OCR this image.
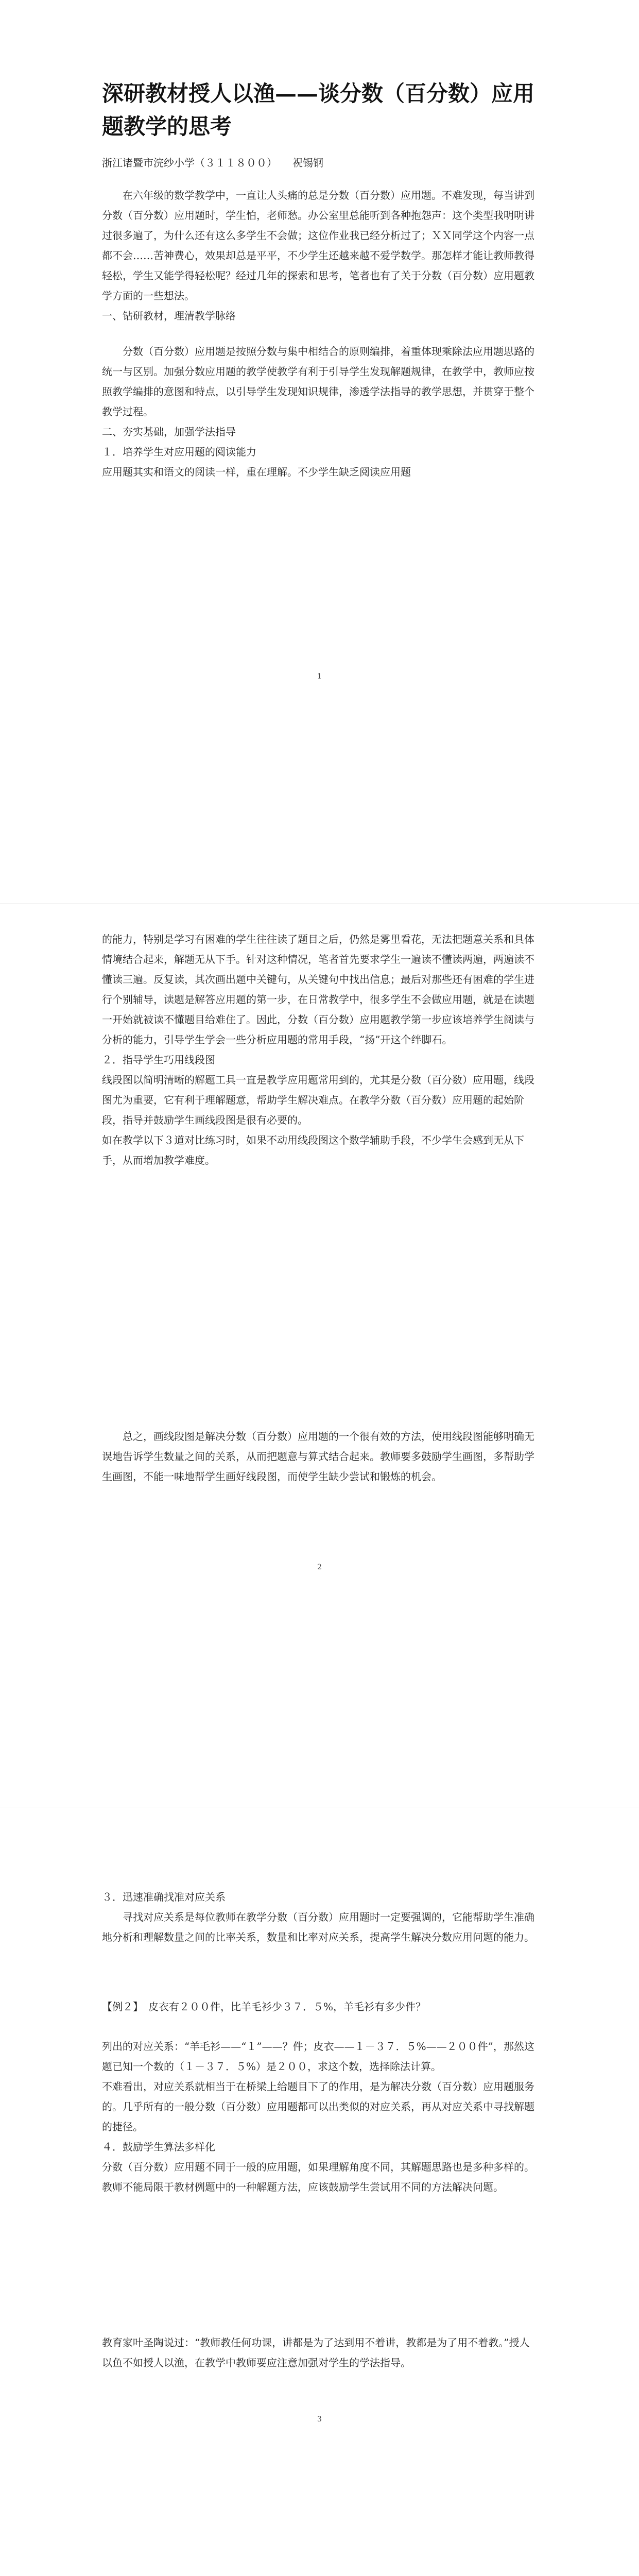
深研教材授人以渔——谈分数（百分数）应用题教学的思考
浙江诸暨市浣纱小学（３１１８００）　　祝锡钢

在六年级的数学教学中，一直让人头痛的总是分数（百分数）应用题。不难发现，每当讲到分数（百分数）应用题时，学生怕，老师愁。办公室里总能听到各种抱怨声：这个类型我明明讲过很多遍了，为什么还有这么多学生不会做；这位作业我已经分析过了；ＸＸ同学这个内容一点都不会……苦神费心，效果却总是平平，不少学生还越来越不爱学数学。那怎样才能让教师教得轻松，学生又能学得轻松呢？经过几年的探索和思考，笔者也有了关于分数（百分数）应用题教学方面的一些想法。

一、钻研教材，理清教学脉络

分数（百分数）应用题是按照分数与集中相结合的原则编排，着重体现乘除法应用题思路的统一与区别。加强分数应用题的教学使教学有利于引导学生发现解题规律，在教学中，教师应按照教学编排的意图和特点，以引导学生发现知识规律，渗透学法指导的教学思想，并贯穿于整个教学过程。

二、夯实基础，加强学法指导

１．培养学生对应用题的阅读能力

应用题其实和语文的阅读一样，重在理解。不少学生缺乏阅读应用题

1

的能力，特别是学习有困难的学生往往读了题目之后，仍然是雾里看花，无法把题意关系和具体情境结合起来，解题无从下手。针对这种情况，笔者首先要求学生一遍读不懂读两遍，两遍读不懂读三遍。反复读，其次画出题中关键句，从关键句中找出信息；最后对那些还有困难的学生进行个别辅导，读题是解答应用题的第一步，在日常教学中，很多学生不会做应用题，就是在读题一开始就被读不懂题目给难住了。因此，分数（百分数）应用题教学第一步应该培养学生阅读与分析的能力，引导学生学会一些分析应用题的常用手段，“扬”开这个绊脚石。

２．指导学生巧用线段图

线段图以简明清晰的解题工具一直是教学应用题常用到的，尤其是分数（百分数）应用题，线段图尤为重要，它有利于理解题意，帮助学生解决难点。在教学分数（百分数）应用题的起始阶段，指导并鼓励学生画线段图是很有必要的。

如在教学以下３道对比练习时，如果不动用线段图这个数学辅助手段，不少学生会感到无从下手，从而增加教学难度。

总之，画线段图是解决分数（百分数）应用题的一个很有效的方法，使用线段图能够明确无误地告诉学生数量之间的关系，从而把题意与算式结合起来。教师要多鼓励学生画图，多帮助学生画图，不能一味地帮学生画好线段图，而使学生缺少尝试和锻炼的机会。

2

３．迅速准确找准对应关系

寻找对应关系是每位教师在教学分数（百分数）应用题时一定要强调的，它能帮助学生准确地分析和理解数量之间的比率关系，数量和比率对应关系，提高学生解决分数应用问题的能力。

【例２】　皮衣有２００件，比羊毛衫少３７．５%，羊毛衫有多少件？

列出的对应关系：“羊毛衫——“１”——？件；皮衣——１－３７．５%——２００件”，那然这题已知一个数的（１－３７．５%）是２００，求这个数，选择除法计算。

不难看出，对应关系就相当于在桥梁上给题目下了的作用，是为解决分数（百分数）应用题服务的。几乎所有的一般分数（百分数）应用题都可以出类似的对应关系，再从对应关系中寻找解题的捷径。

４．鼓励学生算法多样化

分数（百分数）应用题不同于一般的应用题，如果理解角度不同，其解题思路也是多种多样的。教师不能局限于教材例题中的一种解题方法，应该鼓励学生尝试用不同的方法解决问题。

教育家叶圣陶说过：“教师教任何功课，讲都是为了达到用不着讲，教都是为了用不着教。”授人以鱼不如授人以渔，在教学中教师要应注意加强对学生的学法指导。

3
